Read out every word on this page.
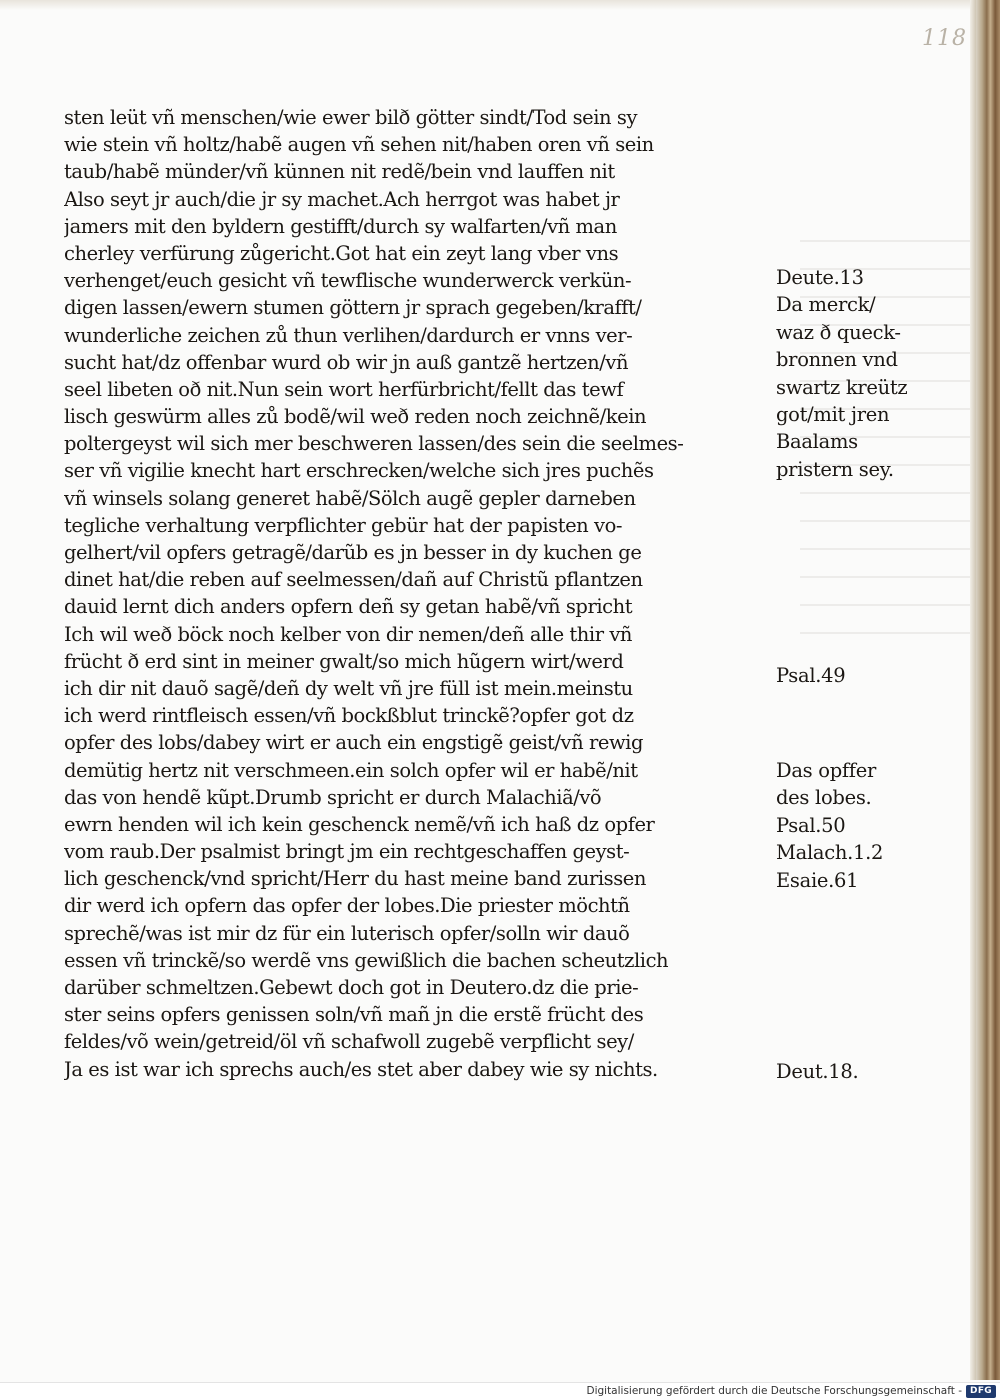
118
sten leüt vñ menschen/wie ewer bilð götter sindt/Tod sein sy
wie stein vñ holtz/habẽ augen vñ sehen nit/haben oren vñ sein
taub/habẽ münder/vñ künnen nit redẽ/bein vnd lauffen nit
Also seyt jr auch/die jr sy machet.Ach herrgot was habet jr
jamers mit den byldern gestifft/durch sy walfarten/vñ man
cherley verfürung zůgericht.Got hat ein zeyt lang vber vns
verhenget/euch gesicht vñ tewflische wunderwerck verkün-
digen lassen/ewern stumen göttern jr sprach gegeben/krafft/
wunderliche zeichen zů thun verlihen/dardurch er vnns ver-
sucht hat/dz offenbar wurd ob wir jn auß gantzẽ hertzen/vñ
seel libeten oð nit.Nun sein wort herfürbricht/fellt das tewf
lisch geswürm alles zů bodẽ/wil weð reden noch zeichnẽ/kein
poltergeyst wil sich mer beschweren lassen/des sein die seelmes-
ser vñ vigilie knecht hart erschrecken/welche sich jres puchẽs
vñ winsels solang generet habẽ/Sölch augẽ gepler darneben
tegliche verhaltung verpflichter gebür hat der papisten vo-
gelhert/vil opfers getragẽ/darũb es jn besser in dy kuchen ge
dinet hat/die reben auf seelmessen/dañ auf Christũ pflantzen
dauid lernt dich anders opfern deñ sy getan habẽ/vñ spricht
Ich wil weð böck noch kelber von dir nemen/deñ alle thir vñ
frücht ð erd sint in meiner gwalt/so mich hũgern wirt/werd
ich dir nit dauõ sagẽ/deñ dy welt vñ jre füll ist mein.meinstu
ich werd rintfleisch essen/vñ bockßblut trinckẽ?opfer got dz
opfer des lobs/dabey wirt er auch ein engstigẽ geist/vñ rewig
demütig hertz nit verschmeen.ein solch opfer wil er habẽ/nit
das von hendẽ kũpt.Drumb spricht er durch Malachiã/võ
ewrn henden wil ich kein geschenck nemẽ/vñ ich haß dz opfer
vom raub.Der psalmist bringt jm ein rechtgeschaffen geyst-
lich geschenck/vnd spricht/Herr du hast meine band zurissen
dir werd ich opfern das opfer der lobes.Die priester möchtñ
sprechẽ/was ist mir dz für ein luterisch opfer/solln wir dauõ
essen vñ trinckẽ/so werdẽ vns gewißlich die bachen scheutzlich
darüber schmeltzen.Gebewt doch got in Deutero.dz die prie-
ster seins opfers genissen soln/vñ mañ jn die erstẽ frücht des
feldes/võ wein/getreid/öl vñ schafwoll zugebẽ verpflicht sey/
Ja es ist war ich sprechs auch/es stet aber dabey wie sy nichts.
Deute.13
Da merck/
waz ð queck-
bronnen vnd
swartz kreütz
got/mit jren
Baalams
pristern sey.
Psal.49
Das opffer
des lobes.
Psal.50
Malach.1.2
Esaie.61
Deut.18.
Digitalisierung gefördert durch die Deutsche Forschungsgemeinschaft - DFG
